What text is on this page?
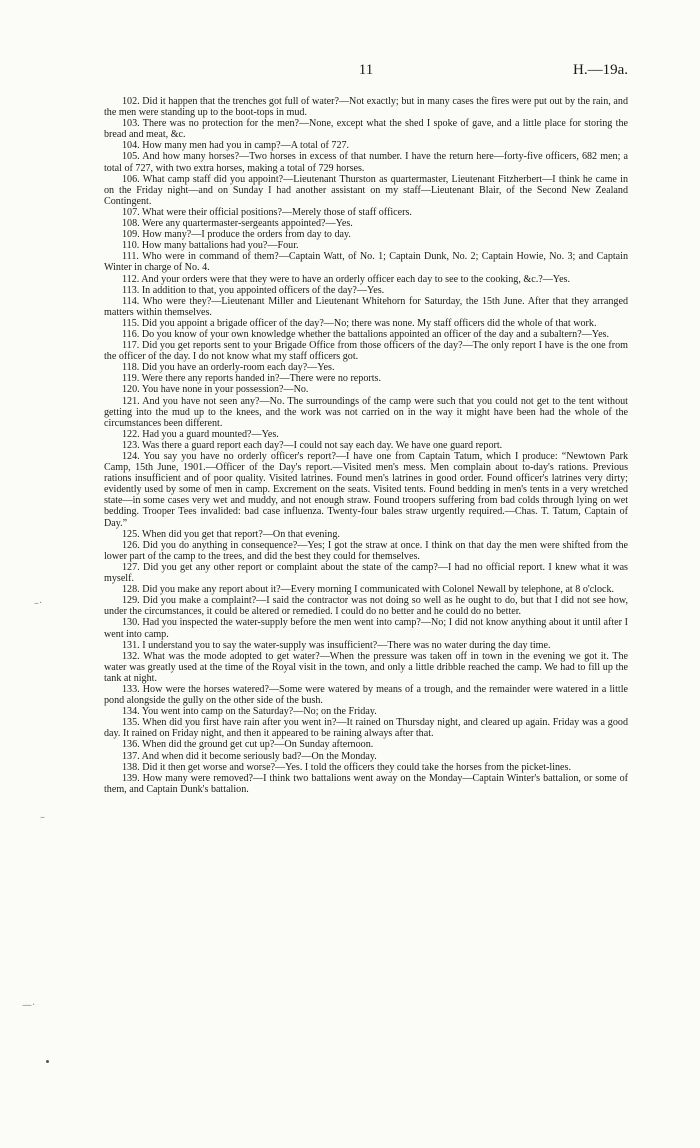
11	H.—19a.
–·
–
—·

102. Did it happen that the trenches got full of water?—Not exactly; but in many cases the fires were put out by the rain, and the men were standing up to the boot-tops in mud.

103. There was no protection for the men?—None, except what the shed I spoke of gave, and a little place for storing the bread and meat, &c.

104. How many men had you in camp?—A total of 727.

105. And how many horses?—Two horses in excess of that number. I have the return here—forty-five officers, 682 men; a total of 727, with two extra horses, making a total of 729 horses.

106. What camp staff did you appoint?—Lieutenant Thurston as quartermaster, Lieutenant Fitzherbert—I think he came in on the Friday night—and on Sunday I had another assistant on my staff—Lieutenant Blair, of the Second New Zealand Contingent.

107. What were their official positions?—Merely those of staff officers.

108. Were any quartermaster-sergeants appointed?—Yes.

109. How many?—I produce the orders from day to day.

110. How many battalions had you?—Four.

111. Who were in command of them?—Captain Watt, of No. 1; Captain Dunk, No. 2; Captain Howie, No. 3; and Captain Winter in charge of No. 4.

112. And your orders were that they were to have an orderly officer each day to see to the cooking, &c.?—Yes.

113. In addition to that, you appointed officers of the day?—Yes.

114. Who were they?—Lieutenant Miller and Lieutenant Whitehorn for Saturday, the 15th June. After that they arranged matters within themselves.

115. Did you appoint a brigade officer of the day?—No; there was none. My staff officers did the whole of that work.

116. Do you know of your own knowledge whether the battalions appointed an officer of the day and a subaltern?—Yes.

117. Did you get reports sent to your Brigade Office from those officers of the day?—The only report I have is the one from the officer of the day. I do not know what my staff officers got.

118. Did you have an orderly-room each day?—Yes.

119. Were there any reports handed in?—There were no reports.

120. You have none in your possession?—No.

121. And you have not seen any?—No. The surroundings of the camp were such that you could not get to the tent without getting into the mud up to the knees, and the work was not carried on in the way it might have been had the whole of the circumstances been different.

122. Had you a guard mounted?—Yes.

123. Was there a guard report each day?—I could not say each day. We have one guard report.

124. You say you have no orderly officer's report?—I have one from Captain Tatum, which I produce: “Newtown Park Camp, 15th June, 1901.—Officer of the Day's report.—Visited men's mess. Men complain about to-day's rations. Previous rations insufficient and of poor quality. Visited latrines. Found men's latrines in good order. Found officer's latrines very dirty; evidently used by some of men in camp. Excrement on the seats. Visited tents. Found bedding in men's tents in a very wretched state—in some cases very wet and muddy, and not enough straw. Found troopers suffering from bad colds through lying on wet bedding. Trooper Tees invalided: bad case influenza. Twenty-four bales straw urgently required.—Chas. T. Tatum, Captain of Day.”

125. When did you get that report?—On that evening.

126. Did you do anything in consequence?—Yes; I got the straw at once. I think on that day the men were shifted from the lower part of the camp to the trees, and did the best they could for themselves.

127. Did you get any other report or complaint about the state of the camp?—I had no official report. I knew what it was myself.

128. Did you make any report about it?—Every morning I communicated with Colonel Newall by telephone, at 8 o'clock.

129. Did you make a complaint?—I said the contractor was not doing so well as he ought to do, but that I did not see how, under the circumstances, it could be altered or remedied. I could do no better and he could do no better.

130. Had you inspected the water-supply before the men went into camp?—No; I did not know anything about it until after I went into camp.

131. I understand you to say the water-supply was insufficient?—There was no water during the day time.

132. What was the mode adopted to get water?—When the pressure was taken off in town in the evening we got it. The water was greatly used at the time of the Royal visit in the town, and only a little dribble reached the camp. We had to fill up the tank at night.

133. How were the horses watered?—Some were watered by means of a trough, and the remainder were watered in a little pond alongside the gully on the other side of the bush.

134. You went into camp on the Saturday?—No; on the Friday.

135. When did you first have rain after you went in?—It rained on Thursday night, and cleared up again. Friday was a good day. It rained on Friday night, and then it appeared to be raining always after that.

136. When did the ground get cut up?—On Sunday afternoon.

137. And when did it become seriously bad?—On the Monday.

138. Did it then get worse and worse?—Yes. I told the officers they could take the horses from the picket-lines.

139. How many were removed?—I think two battalions went away on the Monday—Captain Winter's battalion, or some of them, and Captain Dunk's battalion.
